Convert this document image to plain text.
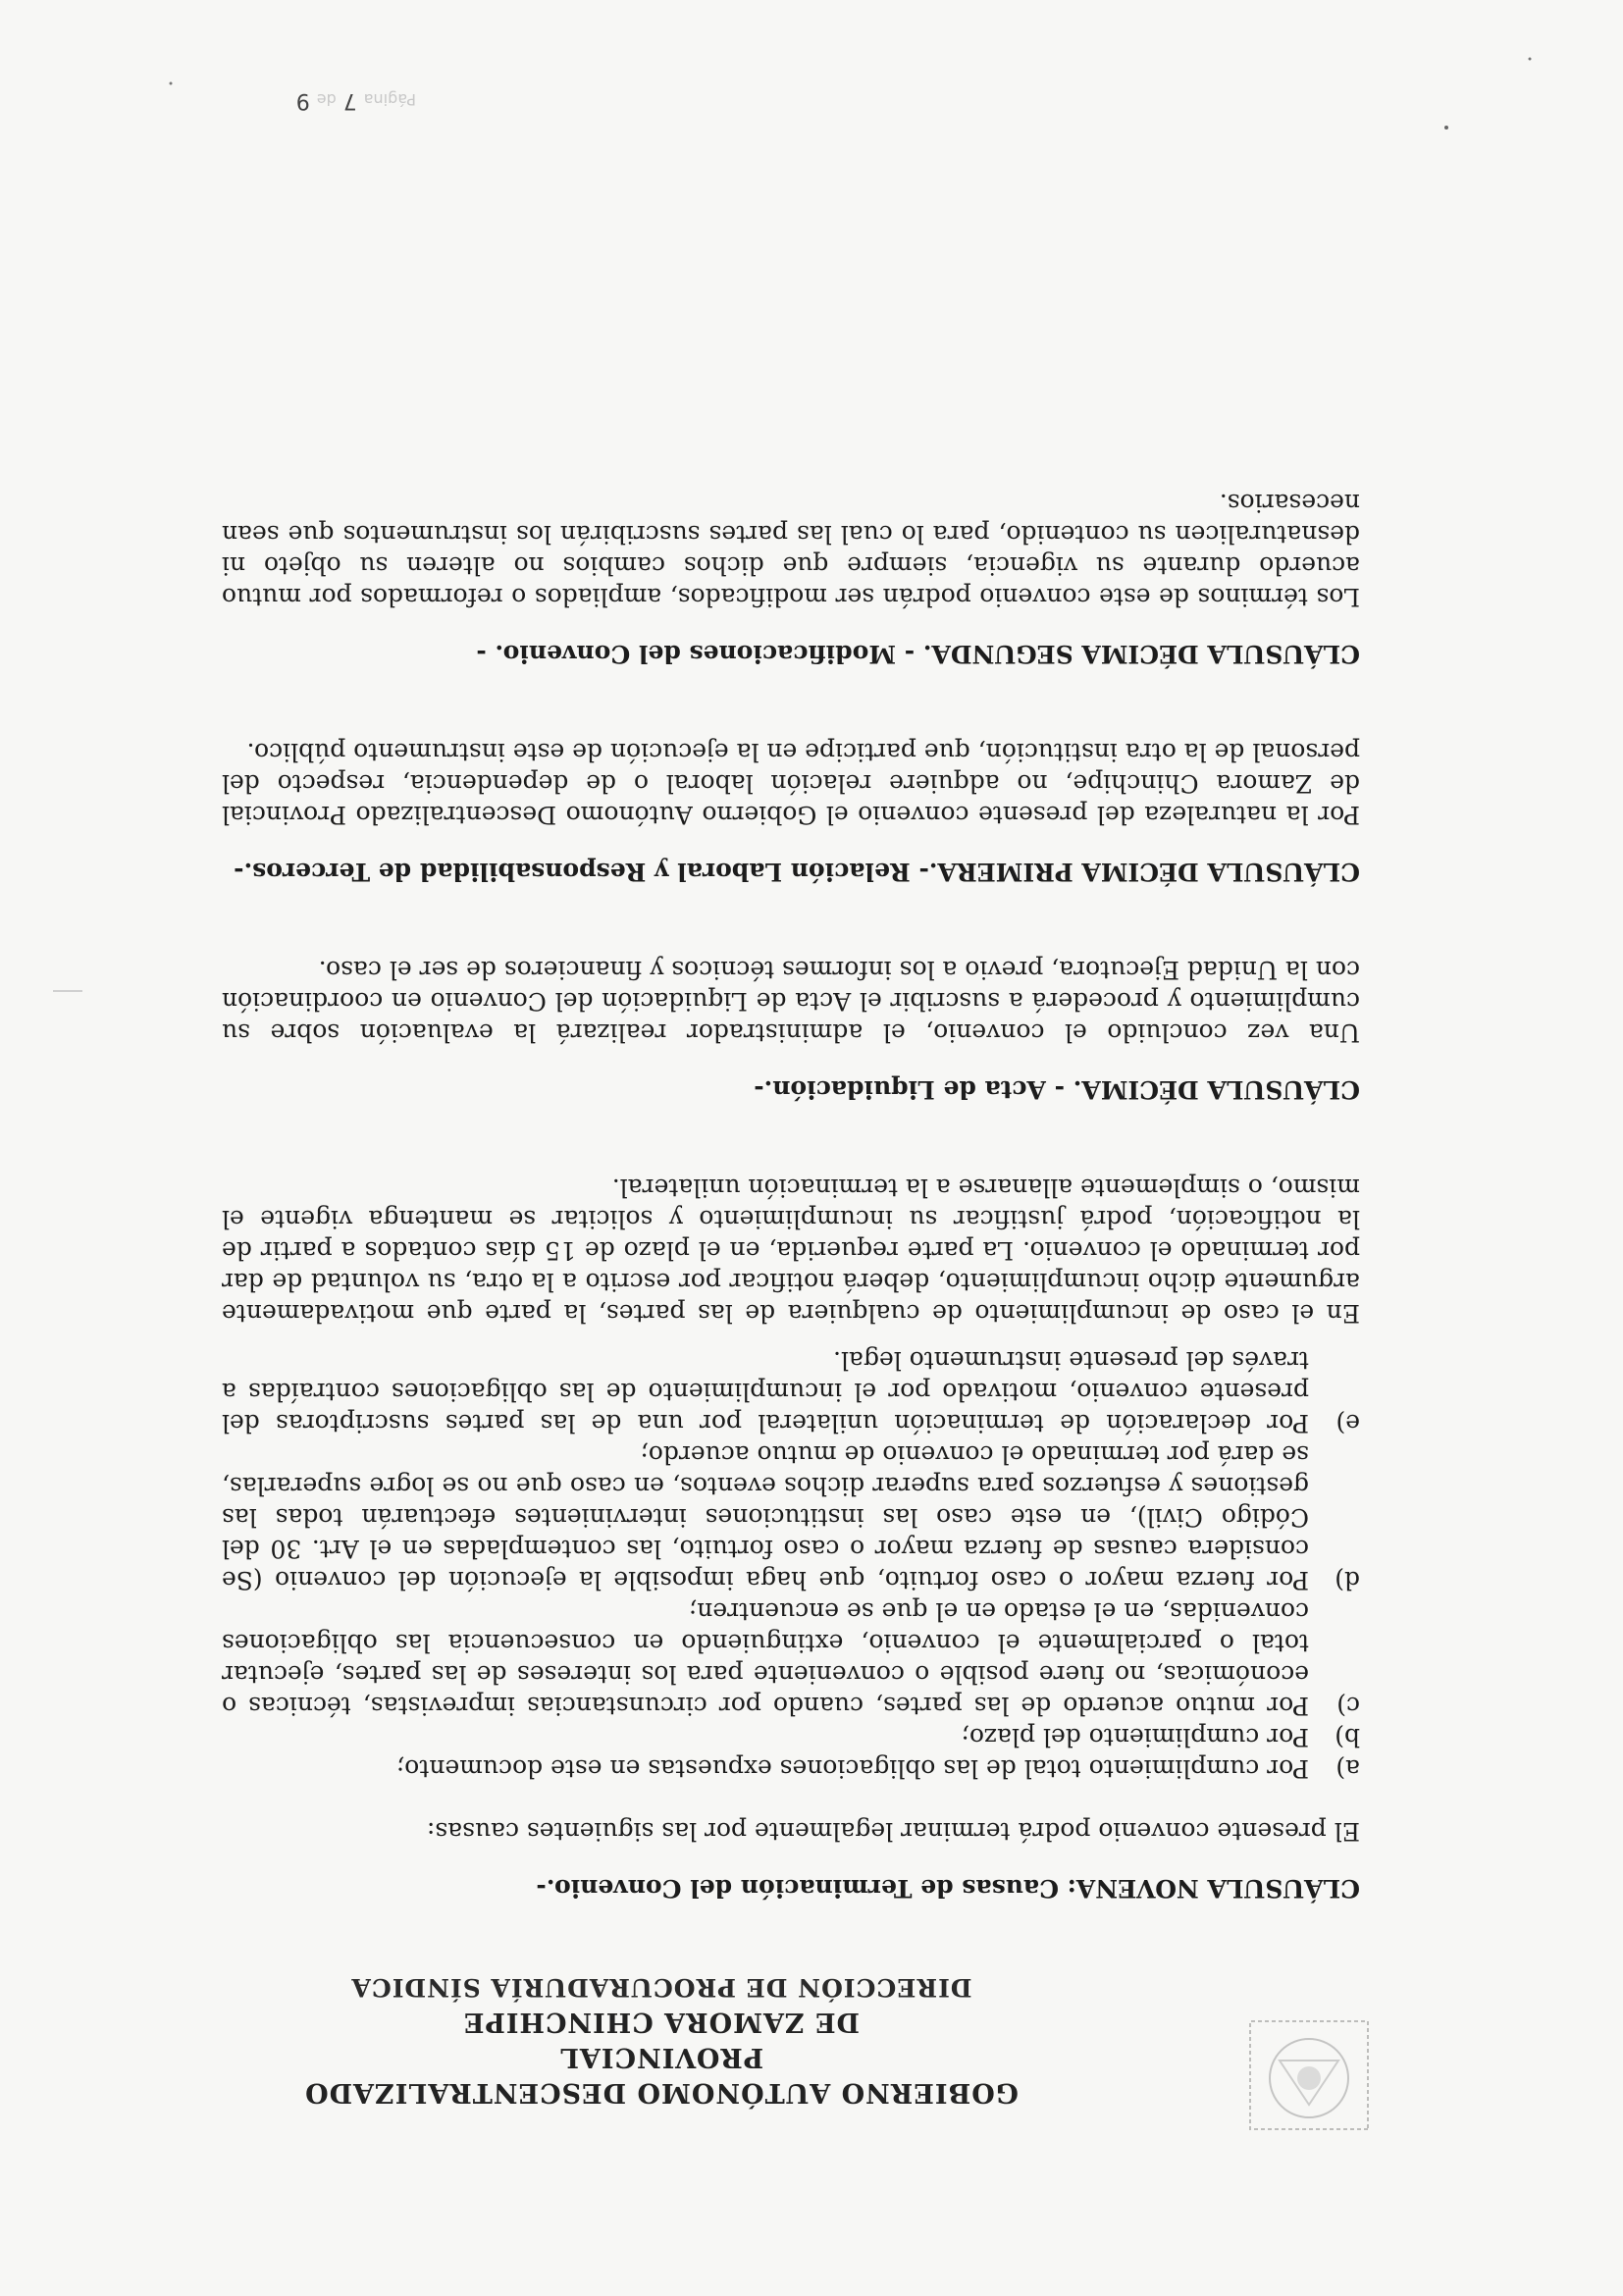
GOBIERNO AUTÓNOMO DESCENTRALIZADO PROVINCIAL
DE ZAMORA CHINCHIPE
DIRECCIÓN DE PROCURADURÍA SÍNDICA
CLÁUSULA NOVENA: Causas de Terminación del Convenio.-
El presente convenio podrá terminar legalmente por las siguientes causas:
a)
Por cumplimiento total de las obligaciones expuestas en este documento;
b)
Por cumplimiento del plazo;
c)
Por mutuo acuerdo de las partes, cuando por circunstancias imprevistas, técnicas o económicas, no fuere posible o conveniente para los intereses de las partes, ejecutar total o parcialmente el convenio, extinguiendo en consecuencia las obligaciones convenidas, en el estado en el que se encuentren;
d)
Por fuerza mayor o caso fortuito, que haga imposible la ejecución del convenio (Se considera causas de fuerza mayor o caso fortuito, las contempladas en el Art. 30 del Código Civil), en este caso las instituciones intervinientes efectuarán todas las gestiones y esfuerzos para superar dichos eventos, en caso que no se logre superarlas, se dará por terminado el convenio de mutuo acuerdo;
e)
Por declaración de terminación unilateral por una de las partes suscriptoras del presente convenio, motivado por el incumplimiento de las obligaciones contraídas a través del presente instrumento legal.
En el caso de incumplimiento de cualquiera de las partes, la parte que motivadamente argumente dicho incumplimiento, deberá notificar por escrito a la otra, su voluntad de dar por terminado el convenio. La parte requerida, en el plazo de 15 días contados a partir de la notificación, podrá justificar su incumplimiento y solicitar se mantenga vigente el mismo, o simplemente allanarse a la terminación unilateral.
CLÁUSULA DÉCIMA. - Acta de Liquidación.-
Una vez concluido el convenio, el administrador realizará la evaluación sobre su cumplimiento y procederá a suscribir el Acta de Liquidación del Convenio en coordinación con la Unidad Ejecutora, previo a los informes técnicos y financieros de ser el caso.
CLÁUSULA DÉCIMA PRIMERA.- Relación Laboral y Responsabilidad de Terceros.-
Por la naturaleza del presente convenio el Gobierno Autónomo Descentralizado Provincial de Zamora Chinchipe, no adquiere relación laboral o de dependencia, respecto del personal de la otra institución, que participe en la ejecución de este instrumento público.
CLÁUSULA DÉCIMA SEGUNDA. - Modificaciones del Convenio. -
Los términos de este convenio podrán ser modificados, ampliados o reformados por mutuo acuerdo durante su vigencia, siempre que dichos cambios no alteren su objeto ni desnaturalicen su contenido, para lo cual las partes suscribirán los instrumentos que sean necesarios.
Página 7 de 9
